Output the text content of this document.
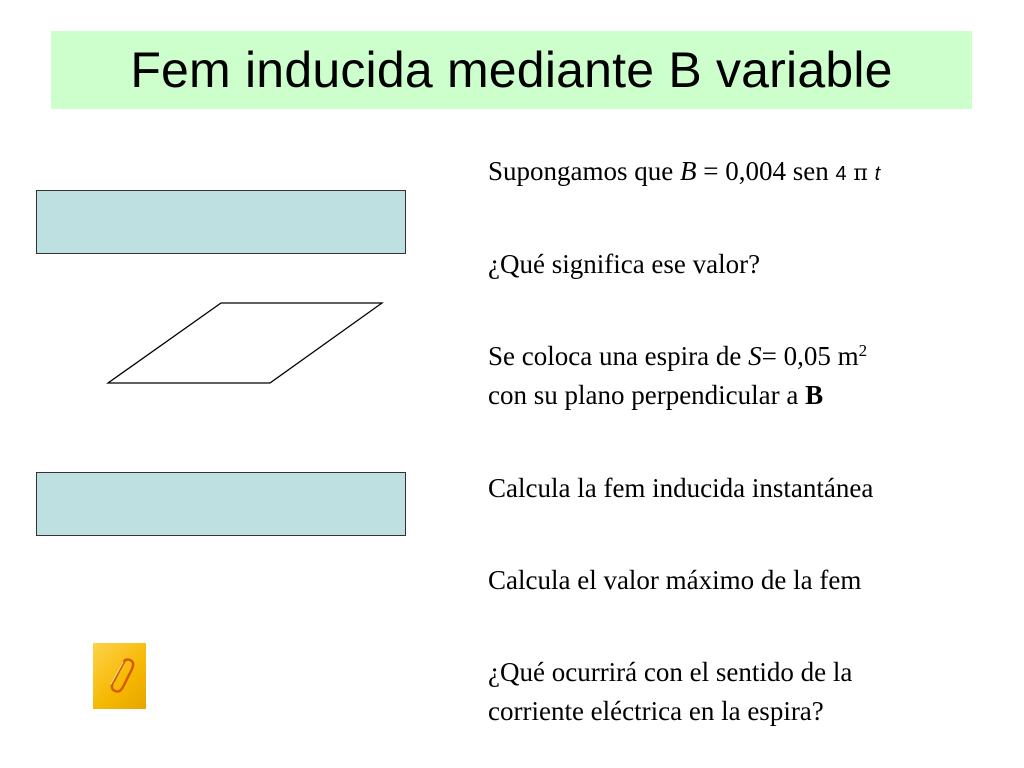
Fem inducida mediante B variable
Supongamos que B = 0,004 sen 4 π t
¿Qué significa ese valor?
Se coloca una espira de S= 0,05 $m^2$
con su plano perpendicular a B
Calcula la fem inducida instantánea
Calcula el valor máximo de la fem
¿Qué ocurrirá con el sentido de la
corriente eléctrica en la espira?
